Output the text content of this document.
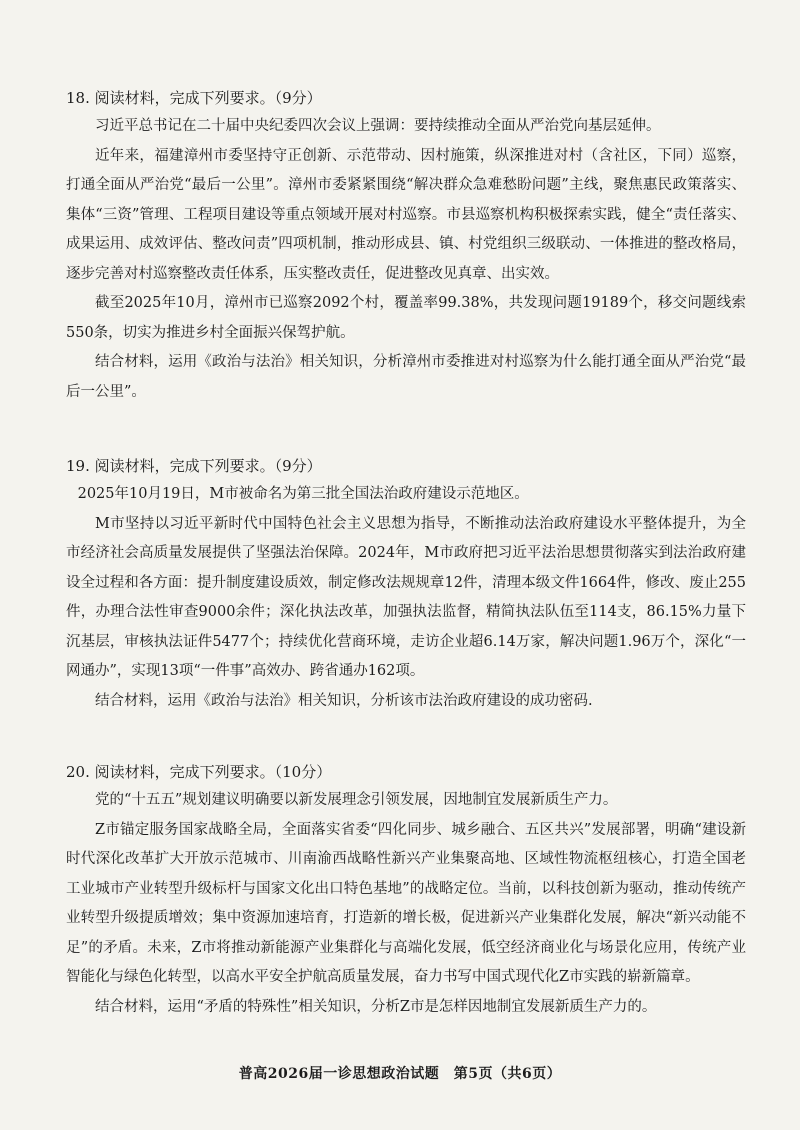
18. 阅读材料，完成下列要求。（9分）

习近平总书记在二十届中央纪委四次会议上强调：要持续推动全面从严治党向基层延伸。

近年来，福建漳州市委坚持守正创新、示范带动、因村施策，纵深推进对村（含社区，下同）巡察，打通全面从严治党“最后一公里”。漳州市委紧紧围绕“解决群众急难愁盼问题”主线，聚焦惠民政策落实、集体“三资”管理、工程项目建设等重点领域开展对村巡察。市县巡察机构积极探索实践，健全“责任落实、成果运用、成效评估、整改问责”四项机制，推动形成县、镇、村党组织三级联动、一体推进的整改格局，逐步完善对村巡察整改责任体系，压实整改责任，促进整改见真章、出实效。

截至2025年10月，漳州市已巡察2092个村，覆盖率99.38%，共发现问题19189个，移交问题线索550条，切实为推进乡村全面振兴保驾护航。

结合材料，运用《政治与法治》相关知识，分析漳州市委推进对村巡察为什么能打通全面从严治党“最后一公里”。

19. 阅读材料，完成下列要求。（9分）

2025年10月19日，M市被命名为第三批全国法治政府建设示范地区。

M市坚持以习近平新时代中国特色社会主义思想为指导，不断推动法治政府建设水平整体提升，为全市经济社会高质量发展提供了坚强法治保障。2024年，M市政府把习近平法治思想贯彻落实到法治政府建设全过程和各方面：提升制度建设质效，制定修改法规规章12件，清理本级文件1664件，修改、废止255件，办理合法性审查9000余件；深化执法改革，加强执法监督，精简执法队伍至114支，86.15%力量下沉基层，审核执法证件5477个；持续优化营商环境，走访企业超6.14万家，解决问题1.96万个，深化“一网通办”，实现13项“一件事”高效办、跨省通办162项。

结合材料，运用《政治与法治》相关知识，分析该市法治政府建设的成功密码.

20. 阅读材料，完成下列要求。（10分）

党的“十五五”规划建议明确要以新发展理念引领发展，因地制宜发展新质生产力。

Z市锚定服务国家战略全局，全面落实省委“四化同步、城乡融合、五区共兴”发展部署，明确“建设新时代深化改革扩大开放示范城市、川南渝西战略性新兴产业集聚高地、区域性物流枢纽核心，打造全国老工业城市产业转型升级标杆与国家文化出口特色基地”的战略定位。当前，以科技创新为驱动，推动传统产业转型升级提质增效；集中资源加速培育，打造新的增长极，促进新兴产业集群化发展，解决“新兴动能不足”的矛盾。未来，Z市将推动新能源产业集群化与高端化发展，低空经济商业化与场景化应用，传统产业智能化与绿色化转型，以高水平安全护航高质量发展，奋力书写中国式现代化Z市实践的崭新篇章。

结合材料，运用“矛盾的特殊性”相关知识，分析Z市是怎样因地制宜发展新质生产力的。

普高2026届一诊思想政治试题　第5页（共6页）
